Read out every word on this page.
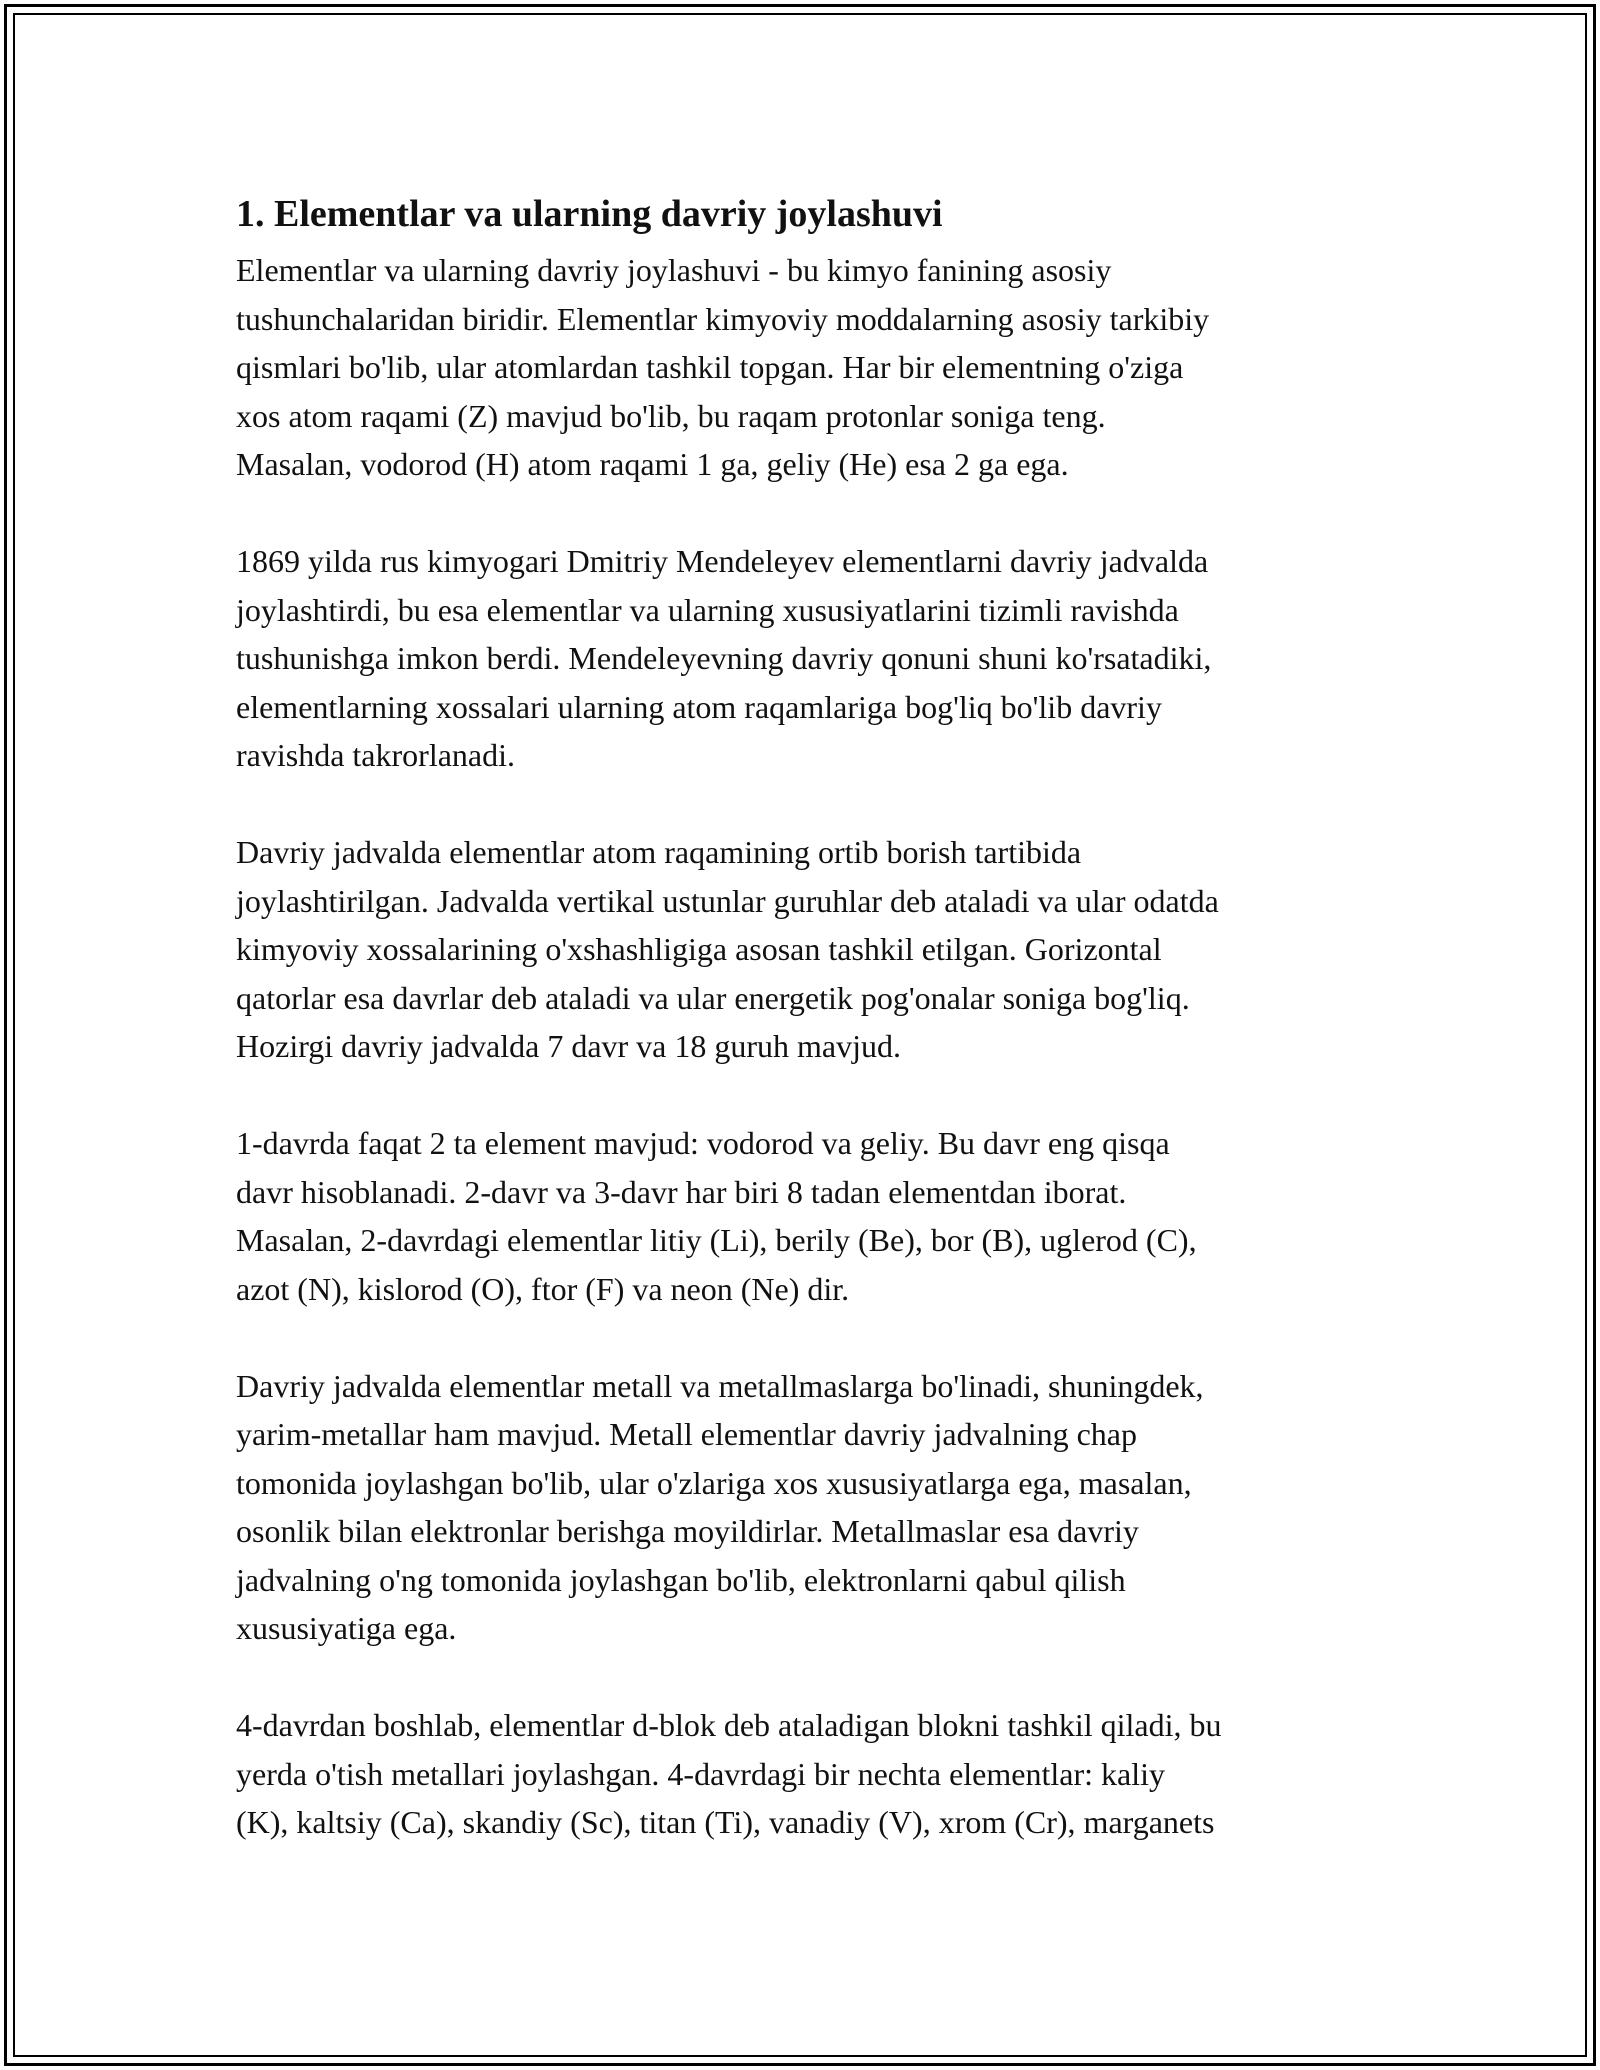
1. Elementlar va ularning davriy joylashuvi
Elementlar va ularning davriy joylashuvi - bu kimyo fanining asosiy
tushunchalaridan biridir. Elementlar kimyoviy moddalarning asosiy tarkibiy
qismlari bo'lib, ular atomlardan tashkil topgan. Har bir elementning o'ziga
xos atom raqami (Z) mavjud bo'lib, bu raqam protonlar soniga teng.
Masalan, vodorod (H) atom raqami 1 ga, geliy (He) esa 2 ga ega.
1869 yilda rus kimyogari Dmitriy Mendeleyev elementlarni davriy jadvalda
joylashtirdi, bu esa elementlar va ularning xususiyatlarini tizimli ravishda
tushunishga imkon berdi. Mendeleyevning davriy qonuni shuni ko'rsatadiki,
elementlarning xossalari ularning atom raqamlariga bog'liq bo'lib davriy
ravishda takrorlanadi.
Davriy jadvalda elementlar atom raqamining ortib borish tartibida
joylashtirilgan. Jadvalda vertikal ustunlar guruhlar deb ataladi va ular odatda
kimyoviy xossalarining o'xshashligiga asosan tashkil etilgan. Gorizontal
qatorlar esa davrlar deb ataladi va ular energetik pog'onalar soniga bog'liq.
Hozirgi davriy jadvalda 7 davr va 18 guruh mavjud.
1-davrda faqat 2 ta element mavjud: vodorod va geliy. Bu davr eng qisqa
davr hisoblanadi. 2-davr va 3-davr har biri 8 tadan elementdan iborat.
Masalan, 2-davrdagi elementlar litiy (Li), berily (Be), bor (B), uglerod (C),
azot (N), kislorod (O), ftor (F) va neon (Ne) dir.
Davriy jadvalda elementlar metall va metallmaslarga bo'linadi, shuningdek,
yarim-metallar ham mavjud. Metall elementlar davriy jadvalning chap
tomonida joylashgan bo'lib, ular o'zlariga xos xususiyatlarga ega, masalan,
osonlik bilan elektronlar berishga moyildirlar. Metallmaslar esa davriy
jadvalning o'ng tomonida joylashgan bo'lib, elektronlarni qabul qilish
xususiyatiga ega.
4-davrdan boshlab, elementlar d-blok deb ataladigan blokni tashkil qiladi, bu
yerda o'tish metallari joylashgan. 4-davrdagi bir nechta elementlar: kaliy
(K), kaltsiy (Ca), skandiy (Sc), titan (Ti), vanadiy (V), xrom (Cr), marganets
